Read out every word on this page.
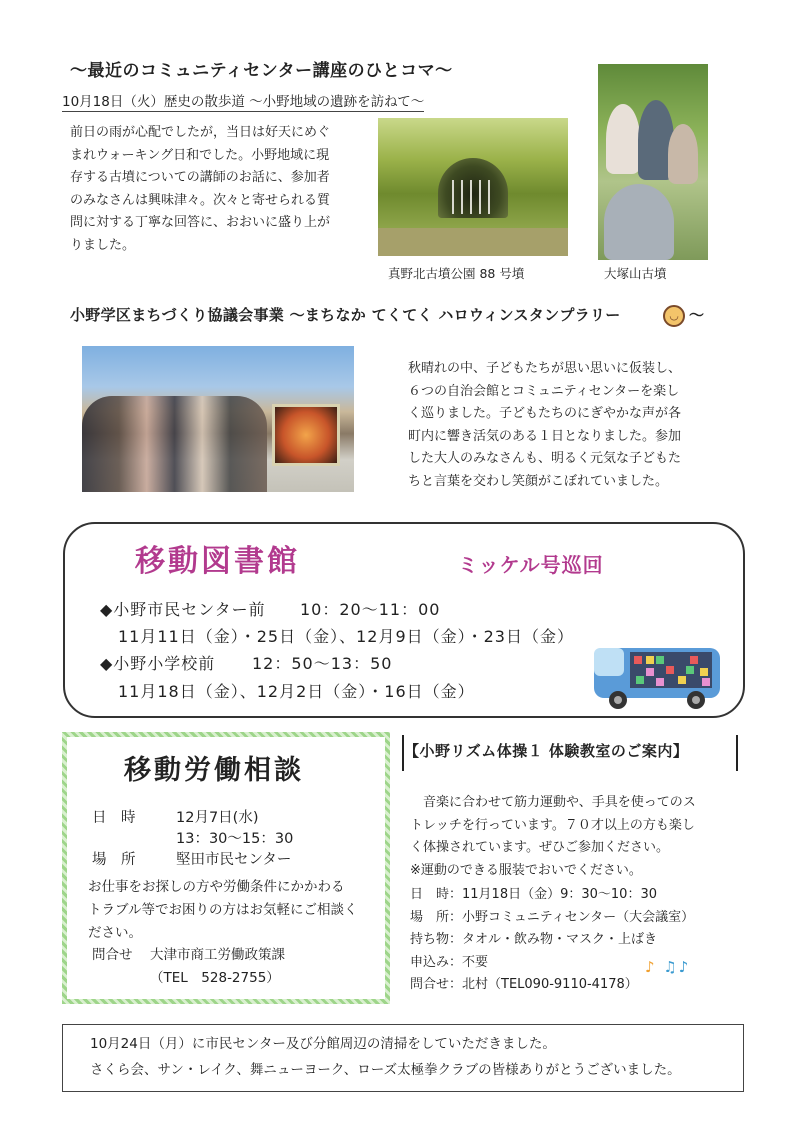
～最近のコミュニティセンター講座のひとコマ～
10月18日（火）歴史の散歩道 ～小野地域の遺跡を訪ねて～
前日の雨が心配でしたが，当日は好天にめぐ
まれウォーキング日和でした。小野地域に現
存する古墳についての講師のお話に、参加者
のみなさんは興味津々。次々と寄せられる質
問に対する丁寧な回答に、おおいに盛り上が
りました。
真野北古墳公園 88 号墳	大塚山古墳
小野学区まちづくり協議会事業 ～まちなか てくてく ハロウィンスタンプラリー	◡ ～
秋晴れの中、子どもたちが思い思いに仮装し、
６つの自治会館とコミュニティセンターを楽し
く巡りました。子どもたちのにぎやかな声が各
町内に響き活気のある１日となりました。参加
した大人のみなさんも、明るく元気な子どもた
ちと言葉を交わし笑顔がこぼれていました。
移動図書館	ミッケル号巡回
◆小野市民センター前 10：20～11：00
11月11日（金）・25日（金）、12月9日（金）・23日（金）
◆小野小学校前 12：50～13：50
11月18日（金）、12月2日（金）・16日（金）
移動労働相談
日　時	12月7日(水)
13：30～15：30
場　所	堅田市民センター
お仕事をお探しの方や労働条件にかかわる
トラブル等でお困りの方はお気軽にご相談く
ださい。
問合せ 大津市商工労働政策課
（TEL　528-2755）
【小野リズム体操１ 体験教室のご案内】
　音楽に合わせて筋力運動や、手具を使ってのス
トレッチを行っています。７０才以上の方も楽し
く体操されています。ぜひご参加ください。
※運動のできる服装でおいでください。
日　時：11月18日（金）9：30～10：30
場　所：小野コミュニティセンター（大会議室）
持ち物：タオル・飲み物・マスク・上ばき
申込み：不要
問合せ：北村（TEL090-9110-4178）
♪ ♫♪
10月24日（月）に市民センター及び分館周辺の清掃をしていただきました。
さくら会、サン・レイク、舞ニューヨーク、ローズ太極拳クラブの皆様ありがとうございました。
